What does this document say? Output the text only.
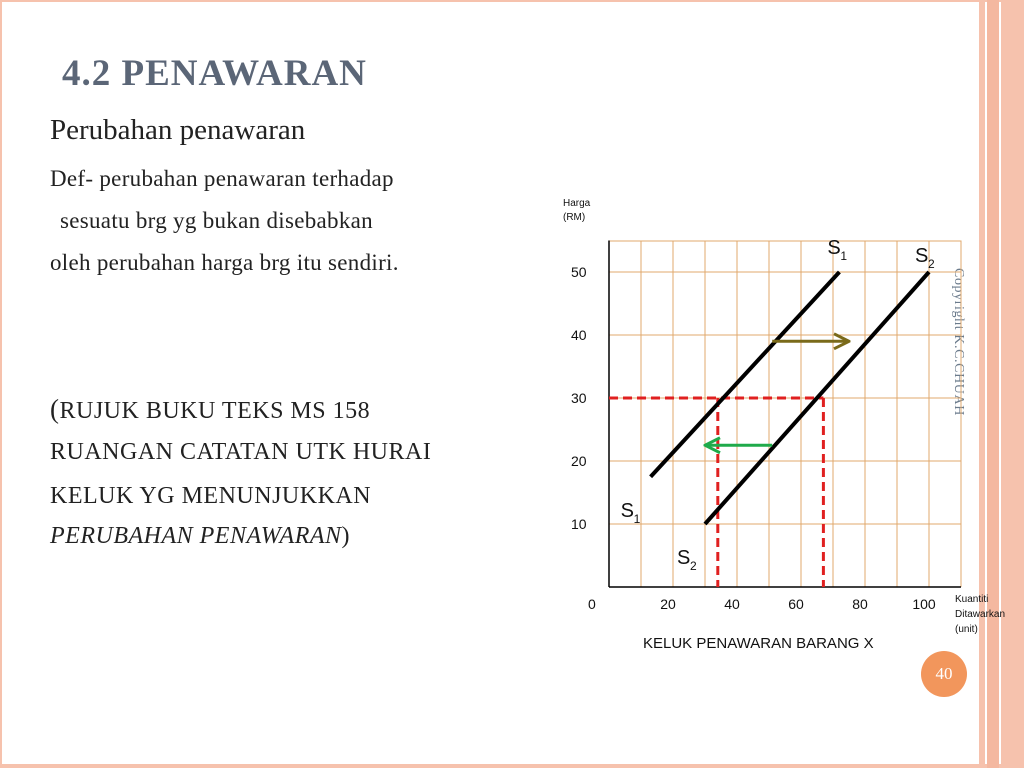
4.2 PENAWARAN
Perubahan penawaran
Def- perubahan penawaran terhadap
sesuatu brg yg bukan disebabkan
oleh perubahan harga brg itu sendiri.
(RUJUK BUKU TEKS MS 158
RUANGAN CATATAN UTK HURAI
KELUK YG MENUNJUKKAN
PERUBAHAN PENAWARAN)
Copyright K.C.CHUAH
40
10
20
30
40
50
0	20	40	60	80	100
Harga
(RM)
Kuantiti
Ditawarkan
(unit)
KELUK PENAWARAN BARANG X
S 1
S 1
S 2
S 2
